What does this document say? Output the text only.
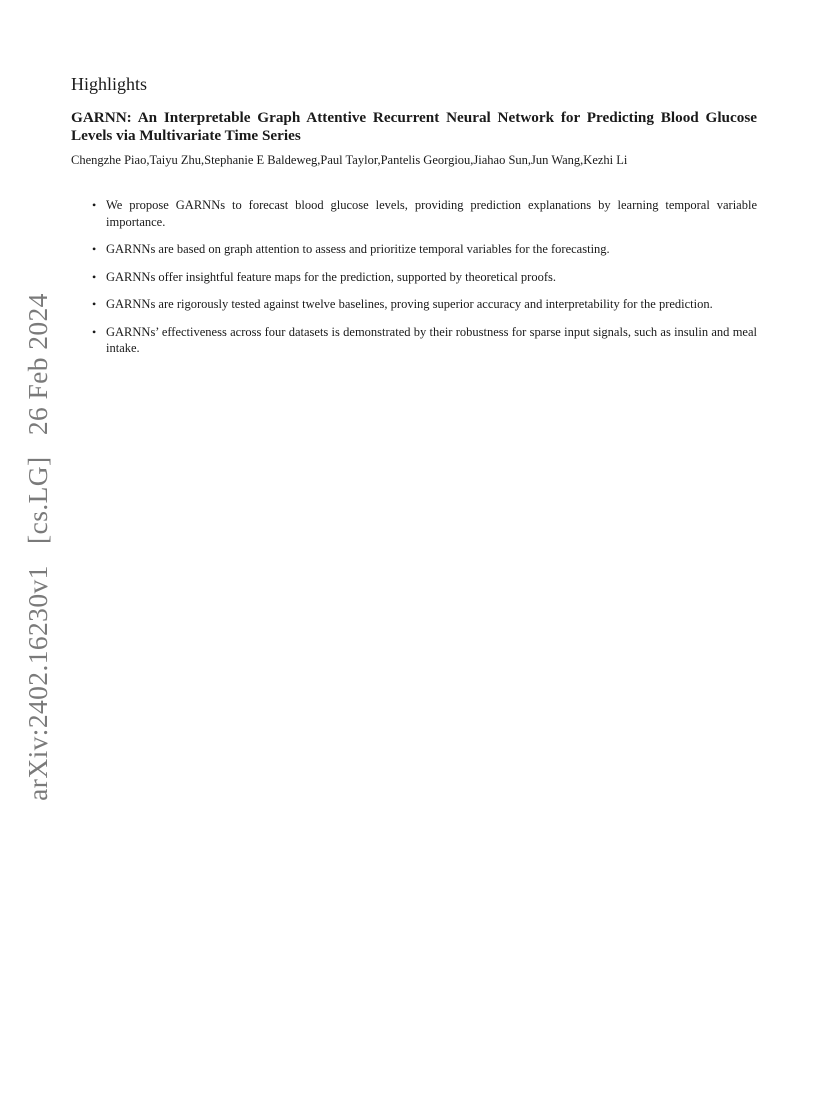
arXiv:2402.16230v1 [cs.LG] 26 Feb 2024
Highlights
GARNN: An Interpretable Graph Attentive Recurrent Neural Network for Predicting Blood Glucose Levels via Multivariate Time Series

Chengzhe Piao,Taiyu Zhu,Stephanie E Baldeweg,Paul Taylor,Pantelis Georgiou,Jiahao Sun,Jun Wang,Kezhi Li

• We propose GARNNs to forecast blood glucose levels, providing prediction explanations by learning temporal variable importance.
• GARNNs are based on graph attention to assess and prioritize temporal variables for the forecasting.
• GARNNs offer insightful feature maps for the prediction, supported by theoretical proofs.
• GARNNs are rigorously tested against twelve baselines, proving superior accuracy and interpretability for the prediction.
• GARNNs’ effectiveness across four datasets is demonstrated by their robustness for sparse input signals, such as insulin and meal intake.
